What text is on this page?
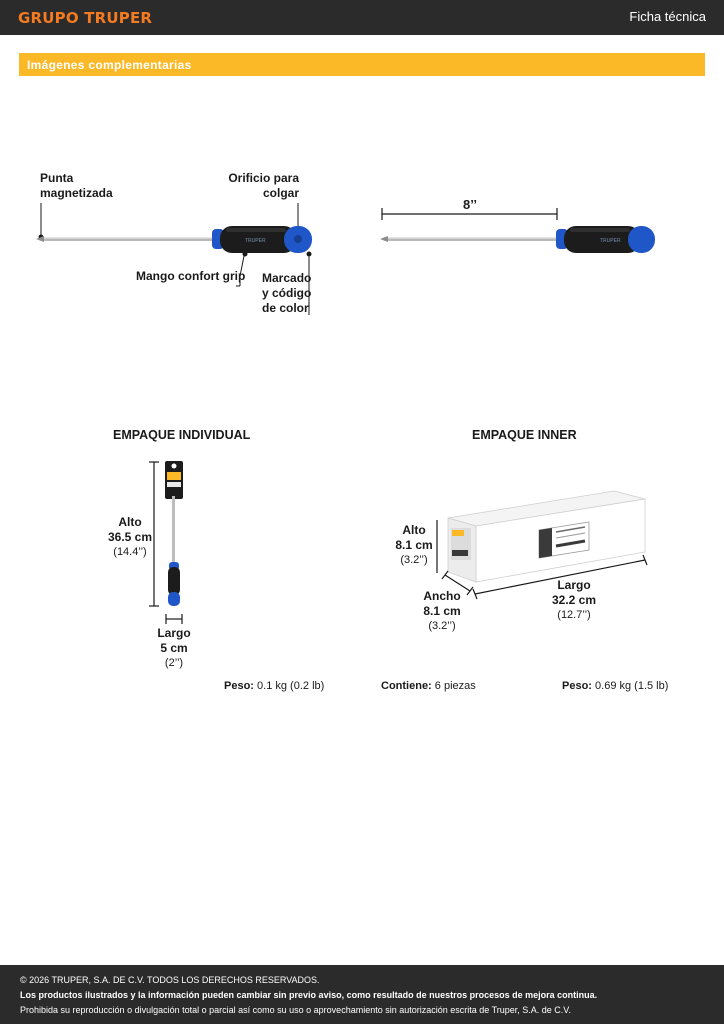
GRUPO TRUPER	Ficha técnica
Imágenes complementarias
TRUPER	TRUPER
Punta
magnetizada
Orificio para
colgar
Mango confort grip Marcado
y código
de color
8’’
EMPAQUE INDIVIDUAL
Alto
36.5 cm
(14.4’’)
Largo
5 cm
(2’’)
Peso: 0.1 kg (0.2 lb)
EMPAQUE INNER
Alto
8.1 cm
(3.2’’)
Ancho
8.1 cm
(3.2’’)
Largo
32.2 cm
(12.7’’)
Contiene: 6 piezas	Peso: 0.69 kg (1.5 lb)
© 2026 TRUPER, S.A. DE C.V. TODOS LOS DERECHOS RESERVADOS.
Los productos ilustrados y la información pueden cambiar sin previo aviso, como resultado de nuestros procesos de mejora continua.
Prohibida su reproducción o divulgación total o parcial así como su uso o aprovechamiento sin autorización escrita de Truper, S.A. de C.V.
